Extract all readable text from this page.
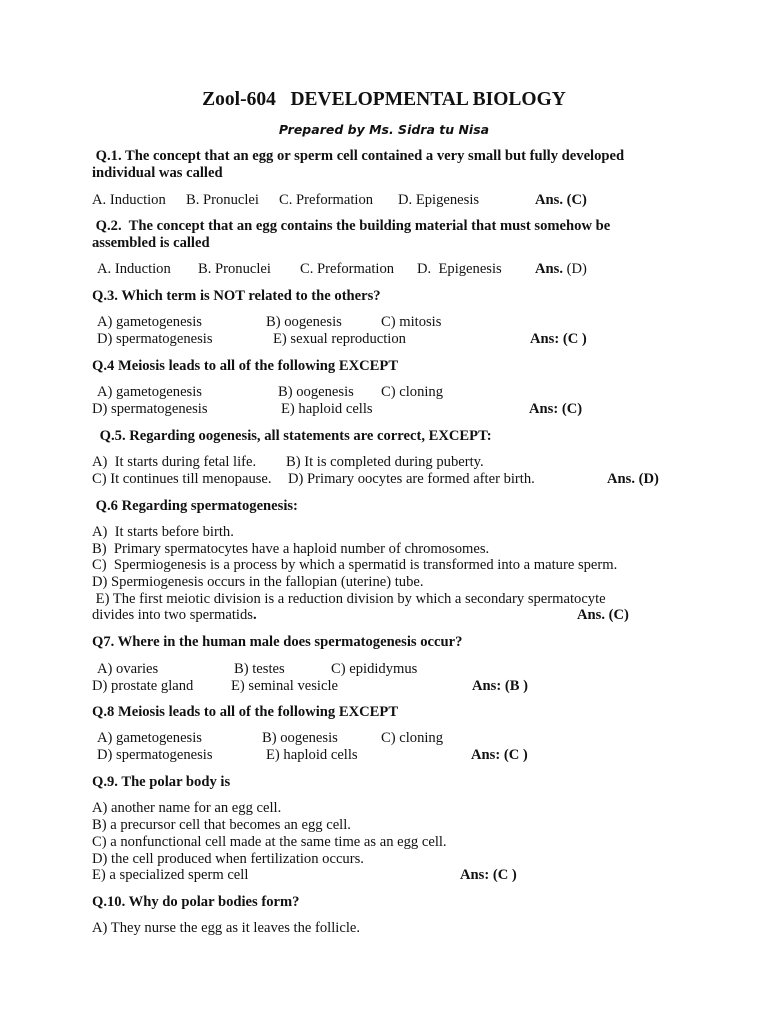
Zool-604   DEVELOPMENTAL BIOLOGY
Prepared by Ms. Sidra tu Nisa
Q.1. The concept that an egg or sperm cell contained a very small but fully developed
individual was called
A. Induction B. Pronuclei C. Preformation D. Epigenesis	Ans. (C)
Q.2.  The concept that an egg contains the building material that must somehow be
assembled is called
A. Induction B. Pronuclei C. Preformation D.  Epigenesis Ans. (D)
Q.3. Which term is NOT related to the others?
A) gametogenesis	B) oogenesis	C) mitosis
D) spermatogenesis	E) sexual reproduction	Ans: (C )
Q.4 Meiosis leads to all of the following EXCEPT
A) gametogenesis	B) oogenesis C) cloning
D) spermatogenesis	E) haploid cells	Ans: (C)
Q.5. Regarding oogenesis, all statements are correct, EXCEPT:
A)  It starts during fetal life. B) It is completed during puberty.
C) It continues till menopause. D) Primary oocytes are formed after birth.	Ans. (D)
Q.6 Regarding spermatogenesis:
A)  It starts before birth.
B)  Primary spermatocytes have a haploid number of chromosomes.
C)  Spermiogenesis is a process by which a spermatid is transformed into a mature sperm.
D) Spermiogenesis occurs in the fallopian (uterine) tube.
E) The first meiotic division is a reduction division by which a secondary spermatocyte
divides into two spermatids.	Ans. (C)
Q7. Where in the human male does spermatogenesis occur?
A) ovaries	B) testes	C) epididymus
D) prostate gland	E) seminal vesicle	Ans: (B )
Q.8 Meiosis leads to all of the following EXCEPT
A) gametogenesis	B) oogenesis	C) cloning
D) spermatogenesis	E) haploid cells	Ans: (C )
Q.9. The polar body is
A) another name for an egg cell.
B) a precursor cell that becomes an egg cell.
C) a nonfunctional cell made at the same time as an egg cell.
D) the cell produced when fertilization occurs.
E) a specialized sperm cell	Ans: (C )
Q.10. Why do polar bodies form?
A) They nurse the egg as it leaves the follicle.
